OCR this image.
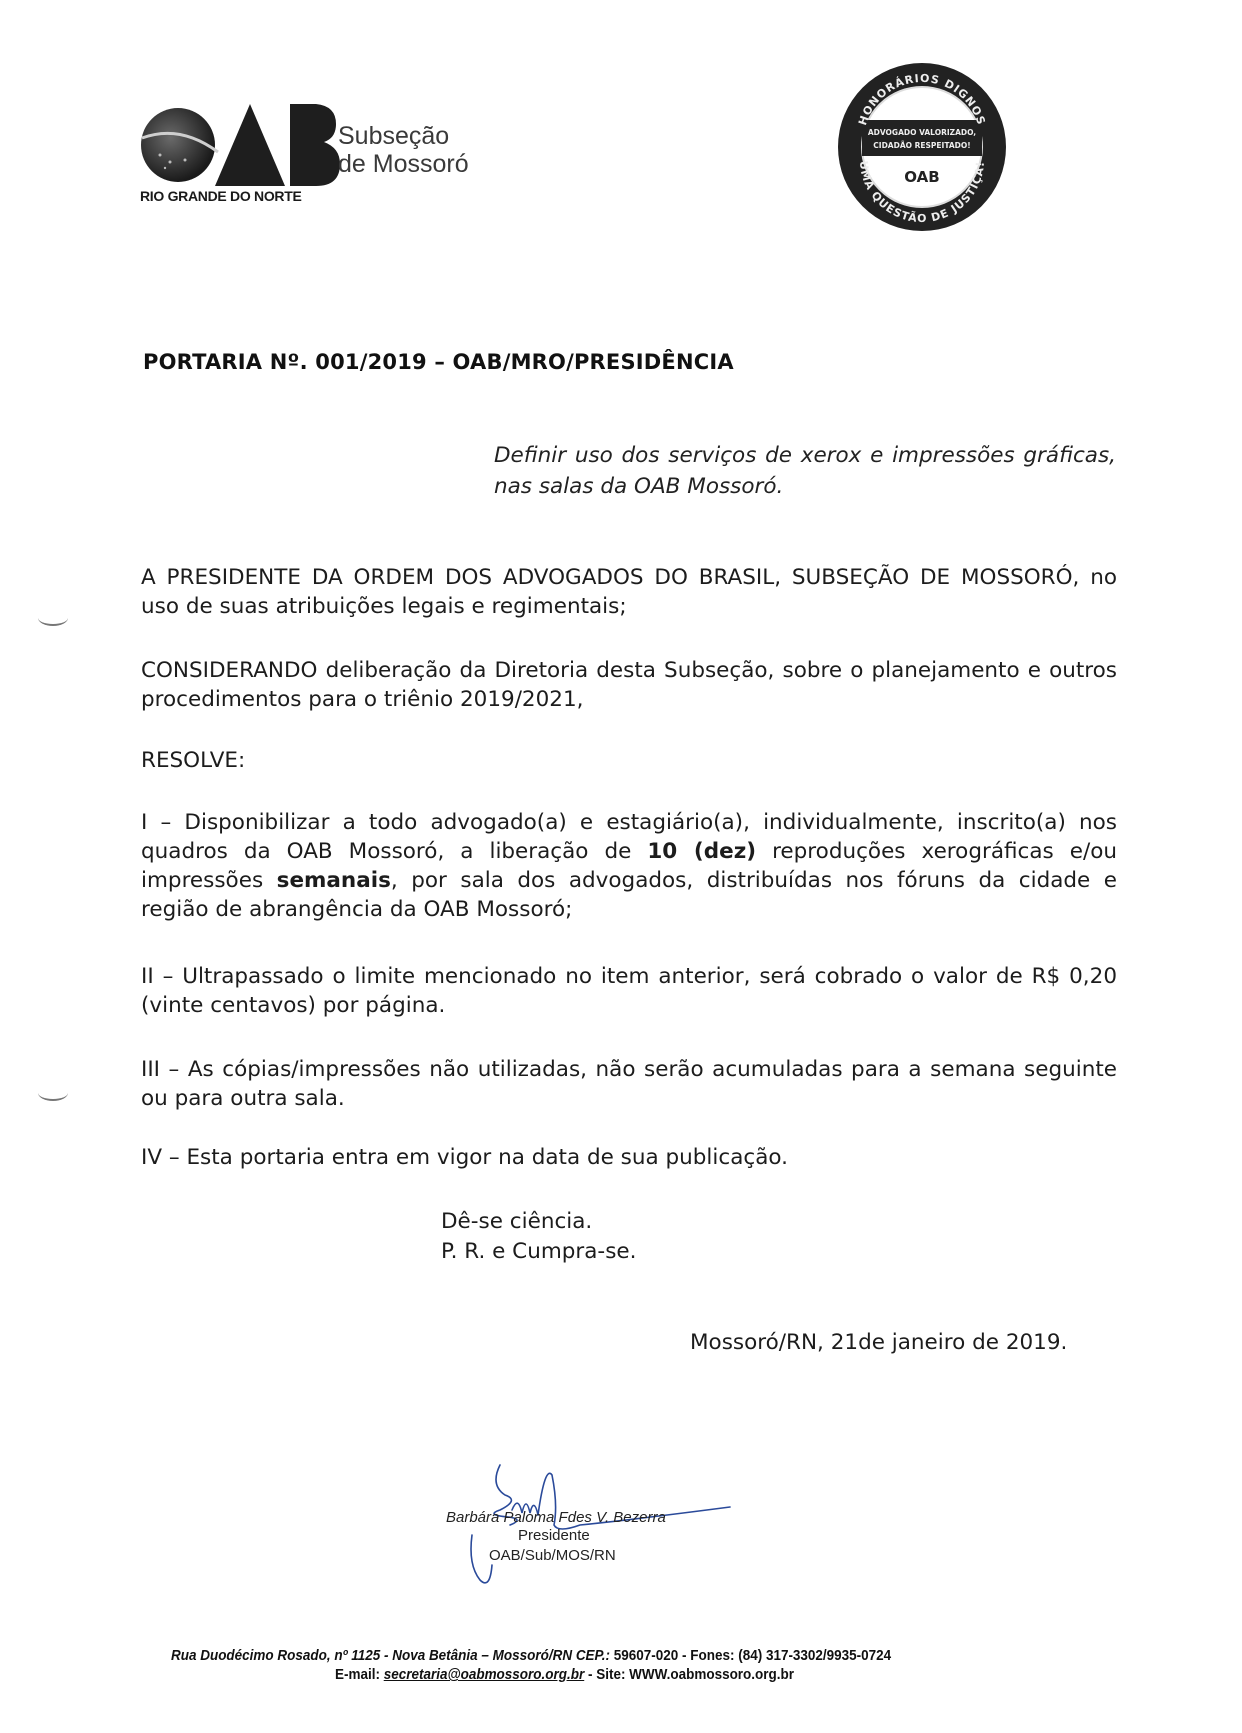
Subseção
de Mossoró
RIO GRANDE DO NORTE
HONORÁRIOS DIGNOS
UMA QUESTÃO DE JUSTIÇA!
ADVOGADO VALORIZADO,
CIDADÃO RESPEITADO!
OAB
PORTARIA Nº. 001/2019 – OAB/MRO/PRESIDÊNCIA
Definir uso dos serviços de xerox e impressões gráficas, nas salas da OAB Mossoró.
A PRESIDENTE DA ORDEM DOS ADVOGADOS DO BRASIL, SUBSEÇÃO DE MOSSORÓ, no uso de suas atribuições legais e regimentais;
CONSIDERANDO deliberação da Diretoria desta Subseção, sobre o planejamento e outros procedimentos para o triênio 2019/2021,
RESOLVE:
I – Disponibilizar a todo advogado(a) e estagiário(a), individualmente, inscrito(a) nos quadros da OAB Mossoró, a liberação de 10 (dez) reproduções xerográficas e/ou impressões semanais, por sala dos advogados, distribuídas nos fóruns da cidade e região de abrangência da OAB Mossoró;
II – Ultrapassado o limite mencionado no item anterior, será cobrado o valor de R$ 0,20 (vinte centavos) por página.
III – As cópias/impressões não utilizadas, não serão acumuladas para a semana seguinte ou para outra sala.
IV – Esta portaria entra em vigor na data de sua publicação.
Dê-se ciência.
P. R. e Cumpra-se.
Mossoró/RN, 21de janeiro de 2019.
Barbára Paloma Fdes V. Bezerra
Presidente
OAB/Sub/MOS/RN
Rua Duodécimo Rosado, nº 1125 - Nova Betânia – Mossoró/RN CEP.: 59607-020 - Fones: (84) 317-3302/9935-0724
E-mail: secretaria@oabmossoro.org.br - Site: WWW.oabmossoro.org.br
